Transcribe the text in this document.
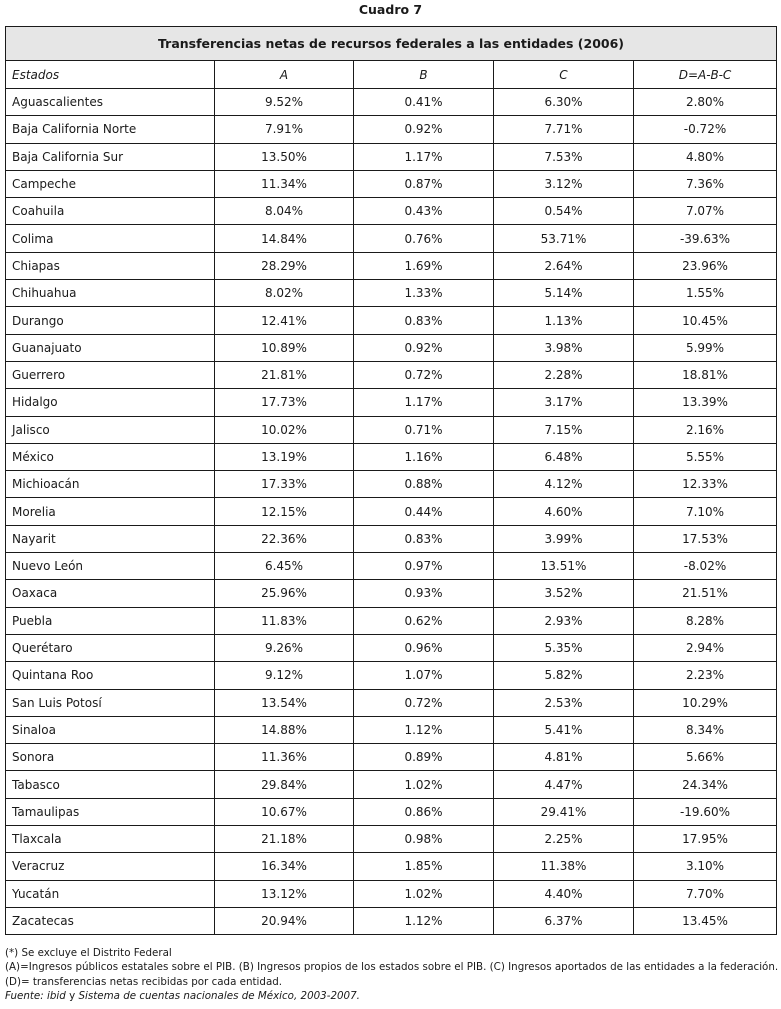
Cuadro 7
Transferencias netas de recursos federales a las entidades (2006)				
Estados	A	B	C	D=A-B-C
Aguascalientes	9.52%	0.41%	6.30%	2.80%
Baja California Norte	7.91%	0.92%	7.71%	-0.72%
Baja California Sur	13.50%	1.17%	7.53%	4.80%
Campeche	11.34%	0.87%	3.12%	7.36%
Coahuila	8.04%	0.43%	0.54%	7.07%
Colima	14.84%	0.76%	53.71%	-39.63%
Chiapas	28.29%	1.69%	2.64%	23.96%
Chihuahua	8.02%	1.33%	5.14%	1.55%
Durango	12.41%	0.83%	1.13%	10.45%
Guanajuato	10.89%	0.92%	3.98%	5.99%
Guerrero	21.81%	0.72%	2.28%	18.81%
Hidalgo	17.73%	1.17%	3.17%	13.39%
Jalisco	10.02%	0.71%	7.15%	2.16%
México	13.19%	1.16%	6.48%	5.55%
Michioacán	17.33%	0.88%	4.12%	12.33%
Morelia	12.15%	0.44%	4.60%	7.10%
Nayarit	22.36%	0.83%	3.99%	17.53%
Nuevo León	6.45%	0.97%	13.51%	-8.02%
Oaxaca	25.96%	0.93%	3.52%	21.51%
Puebla	11.83%	0.62%	2.93%	8.28%
Querétaro	9.26%	0.96%	5.35%	2.94%
Quintana Roo	9.12%	1.07%	5.82%	2.23%
San Luis Potosí	13.54%	0.72%	2.53%	10.29%
Sinaloa	14.88%	1.12%	5.41%	8.34%
Sonora	11.36%	0.89%	4.81%	5.66%
Tabasco	29.84%	1.02%	4.47%	24.34%
Tamaulipas	10.67%	0.86%	29.41%	-19.60%
Tlaxcala	21.18%	0.98%	2.25%	17.95%
Veracruz	16.34%	1.85%	11.38%	3.10%
Yucatán	13.12%	1.02%	4.40%	7.70%
Zacatecas	20.94%	1.12%	6.37%	13.45%
(*) Se excluye el Distrito Federal
(A)=Ingresos públicos estatales sobre el PIB. (B) Ingresos propios de los estados sobre el PIB. (C) Ingresos aportados de las entidades a la federación.
(D)= transferencias netas recibidas por cada entidad.
Fuente: ibid y Sistema de cuentas nacionales de México, 2003-2007.
